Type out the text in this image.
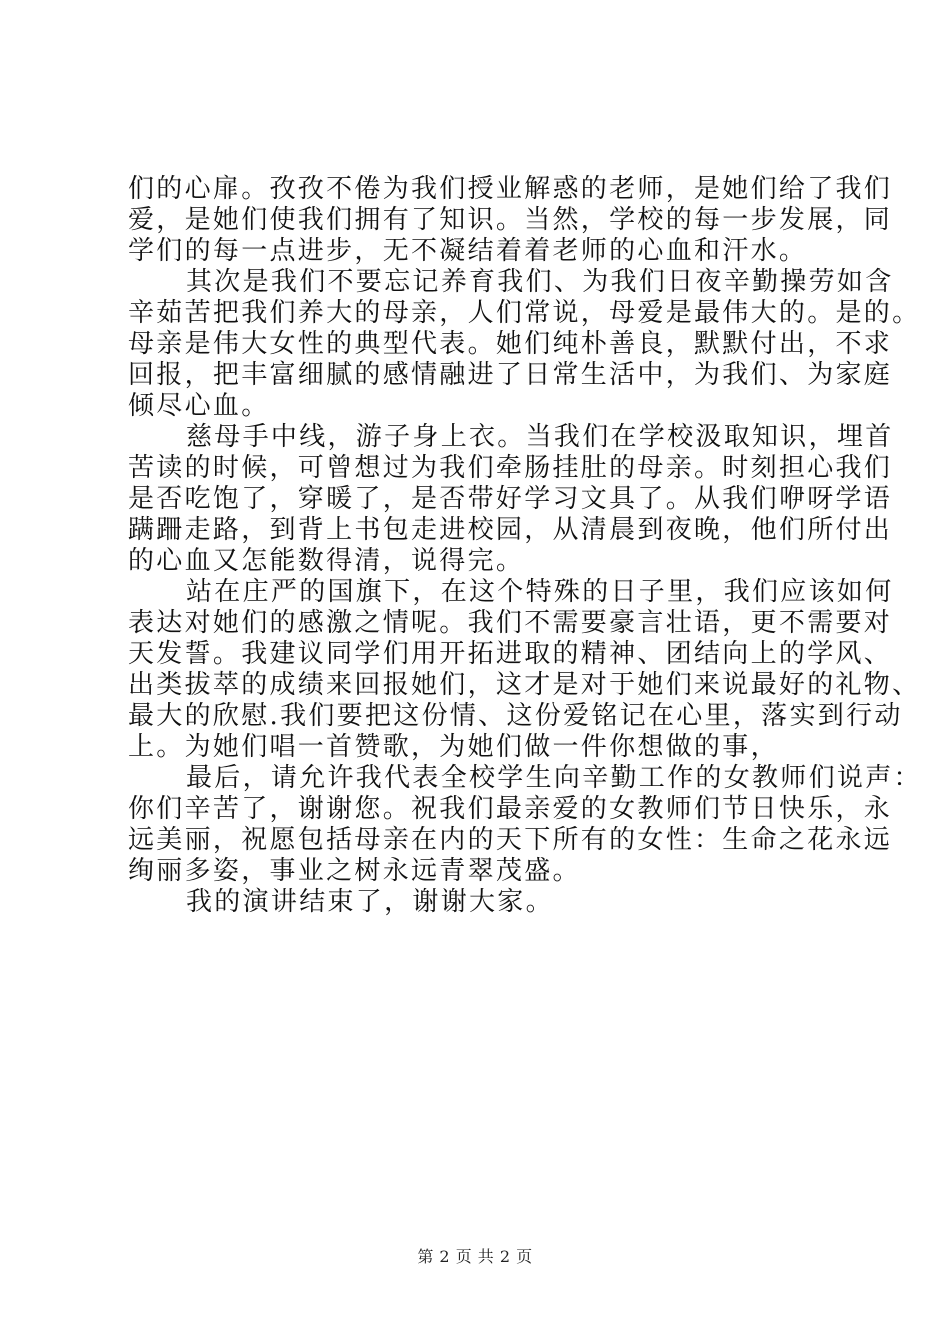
们的心扉。孜孜不倦为我们授业解惑的老师，是她们给了我们
爱，是她们使我们拥有了知识。当然，学校的每一步发展，同
学们的每一点进步，无不凝结着着老师的心血和汗水。
其次是我们不要忘记养育我们、为我们日夜辛勤操劳如含
辛茹苦把我们养大的母亲，人们常说，母爱是最伟大的。是的。
母亲是伟大女性的典型代表。她们纯朴善良，默默付出，不求
回报，把丰富细腻的感情融进了日常生活中，为我们、为家庭
倾尽心血。
慈母手中线，游子身上衣。当我们在学校汲取知识，埋首
苦读的时候，可曾想过为我们牵肠挂肚的母亲。时刻担心我们
是否吃饱了，穿暖了，是否带好学习文具了。从我们咿呀学语
蹒跚走路，到背上书包走进校园，从清晨到夜晚，他们所付出
的心血又怎能数得清，说得完。
站在庄严的国旗下，在这个特殊的日子里，我们应该如何
表达对她们的感激之情呢。我们不需要豪言壮语，更不需要对
天发誓。我建议同学们用开拓进取的精神、团结向上的学风、
出类拔萃的成绩来回报她们，这才是对于她们来说最好的礼物、
最大的欣慰.我们要把这份情、这份爱铭记在心里，落实到行动
上。为她们唱一首赞歌，为她们做一件你想做的事，
最后，请允许我代表全校学生向辛勤工作的女教师们说声：
你们辛苦了，谢谢您。祝我们最亲爱的女教师们节日快乐，永
远美丽，祝愿包括母亲在内的天下所有的女性：生命之花永远
绚丽多姿，事业之树永远青翠茂盛。
我的演讲结束了，谢谢大家。
第 2 页 共 2 页
